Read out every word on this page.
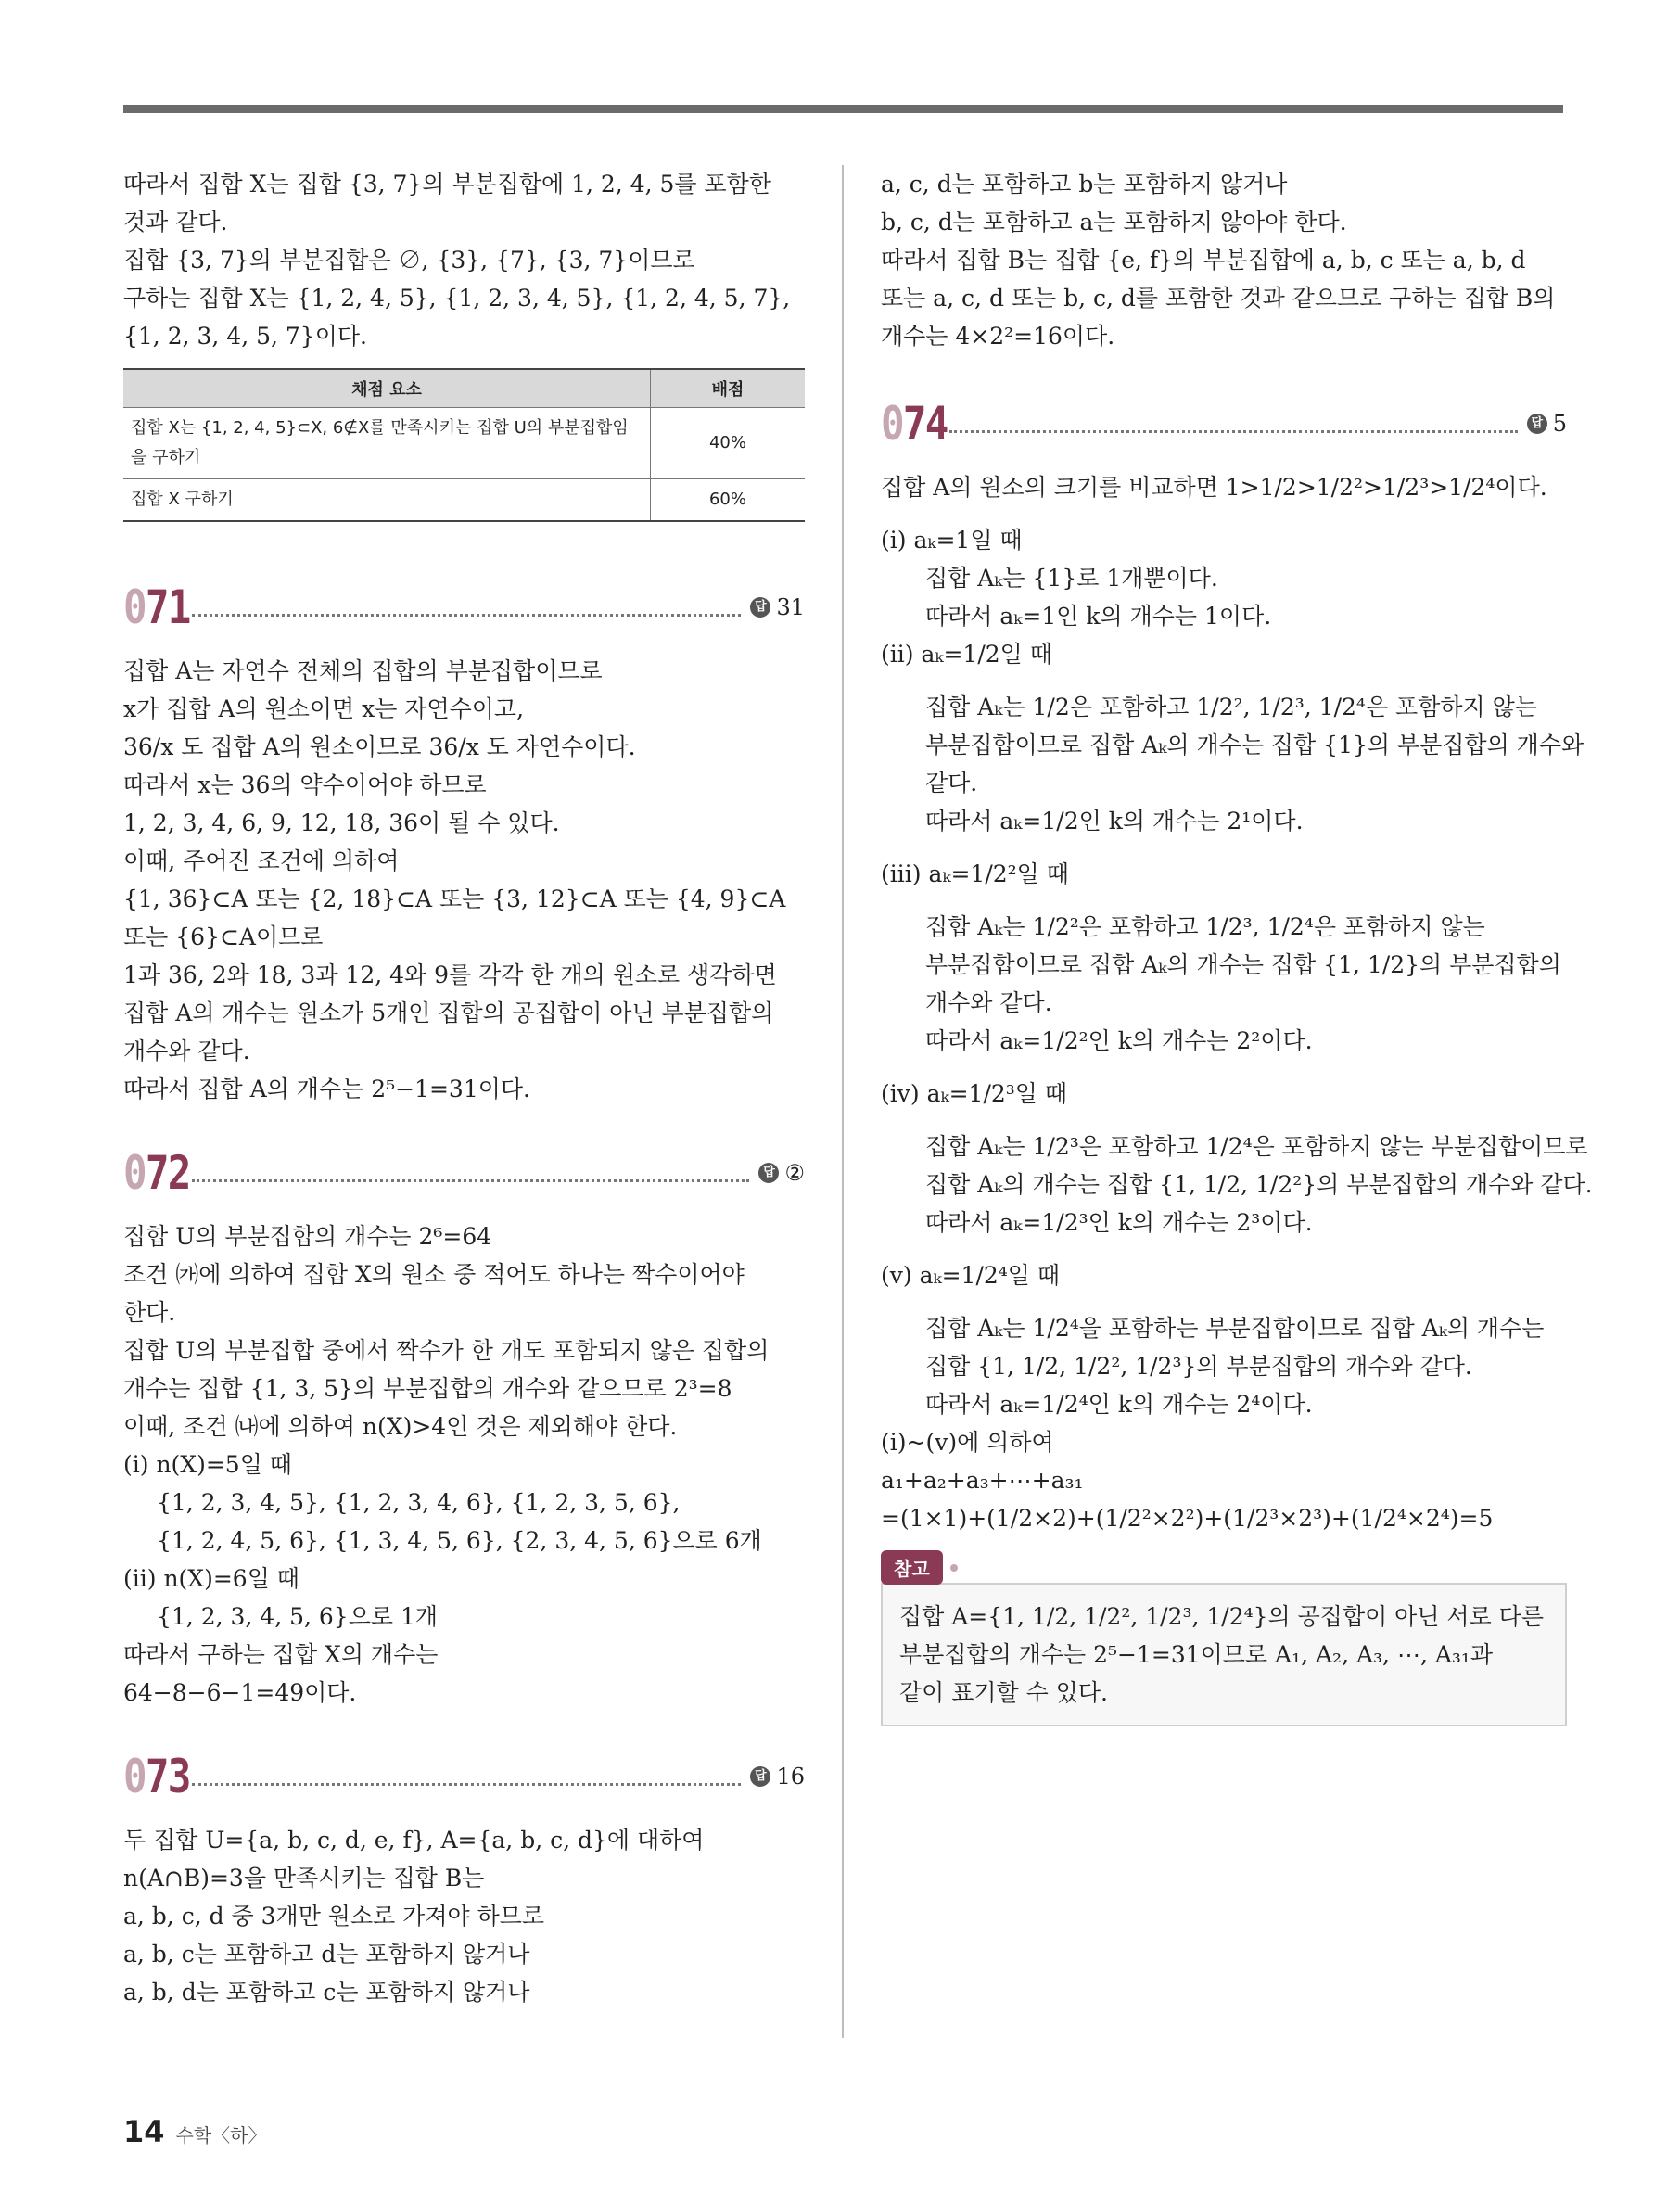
따라서 집합 X는 집합 {3, 7}의 부분집합에 1, 2, 4, 5를 포함한
것과 같다.
집합 {3, 7}의 부분집합은 ∅, {3}, {7}, {3, 7}이므로
구하는 집합 X는 {1, 2, 4, 5}, {1, 2, 3, 4, 5}, {1, 2, 4, 5, 7},
{1, 2, 3, 4, 5, 7}이다.
채점 요소	배점
집합 X는 {1, 2, 4, 5}⊂X, 6∉X를 만족시키는 집합 U의 부분집합임을 구하기	40%
집합 X 구하기	60%
071	답 31
집합 A는 자연수 전체의 집합의 부분집합이므로
x가 집합 A의 원소이면 x는 자연수이고,
36/x 도 집합 A의 원소이므로 36/x 도 자연수이다.
따라서 x는 36의 약수이어야 하므로
1, 2, 3, 4, 6, 9, 12, 18, 36이 될 수 있다.
이때, 주어진 조건에 의하여
{1, 36}⊂A 또는 {2, 18}⊂A 또는 {3, 12}⊂A 또는 {4, 9}⊂A
또는 {6}⊂A이므로
1과 36, 2와 18, 3과 12, 4와 9를 각각 한 개의 원소로 생각하면
집합 A의 개수는 원소가 5개인 집합의 공집합이 아닌 부분집합의
개수와 같다.
따라서 집합 A의 개수는 2⁵−1=31이다.
072	답 ②
집합 U의 부분집합의 개수는 2⁶=64
조건 ㈎에 의하여 집합 X의 원소 중 적어도 하나는 짝수이어야
한다.
집합 U의 부분집합 중에서 짝수가 한 개도 포함되지 않은 집합의
개수는 집합 {1, 3, 5}의 부분집합의 개수와 같으므로 2³=8
이때, 조건 ㈏에 의하여 n(X)>4인 것은 제외해야 한다.
(ⅰ) n(X)=5일 때
{1, 2, 3, 4, 5}, {1, 2, 3, 4, 6}, {1, 2, 3, 5, 6},
{1, 2, 4, 5, 6}, {1, 3, 4, 5, 6}, {2, 3, 4, 5, 6}으로 6개
(ⅱ) n(X)=6일 때
{1, 2, 3, 4, 5, 6}으로 1개
따라서 구하는 집합 X의 개수는
64−8−6−1=49이다.
073	답 16
두 집합 U={a, b, c, d, e, f}, A={a, b, c, d}에 대하여
n(A∩B)=3을 만족시키는 집합 B는
a, b, c, d 중 3개만 원소로 가져야 하므로
a, b, c는 포함하고 d는 포함하지 않거나
a, b, d는 포함하고 c는 포함하지 않거나
a, c, d는 포함하고 b는 포함하지 않거나
b, c, d는 포함하고 a는 포함하지 않아야 한다.
따라서 집합 B는 집합 {e, f}의 부분집합에 a, b, c 또는 a, b, d
또는 a, c, d 또는 b, c, d를 포함한 것과 같으므로 구하는 집합 B의
개수는 4×2²=16이다.
074	답 5
집합 A의 원소의 크기를 비교하면 1>1/2>1/2²>1/2³>1/2⁴이다.
(ⅰ) aₖ=1일 때
집합 Aₖ는 {1}로 1개뿐이다.
따라서 aₖ=1인 k의 개수는 1이다.
(ⅱ) aₖ=1/2일 때
집합 Aₖ는 1/2은 포함하고 1/2², 1/2³, 1/2⁴은 포함하지 않는
부분집합이므로 집합 Aₖ의 개수는 집합 {1}의 부분집합의 개수와
같다.
따라서 aₖ=1/2인 k의 개수는 2¹이다.
(ⅲ) aₖ=1/2²일 때
집합 Aₖ는 1/2²은 포함하고 1/2³, 1/2⁴은 포함하지 않는
부분집합이므로 집합 Aₖ의 개수는 집합 {1, 1/2}의 부분집합의
개수와 같다.
따라서 aₖ=1/2²인 k의 개수는 2²이다.
(ⅳ) aₖ=1/2³일 때
집합 Aₖ는 1/2³은 포함하고 1/2⁴은 포함하지 않는 부분집합이므로
집합 Aₖ의 개수는 집합 {1, 1/2, 1/2²}의 부분집합의 개수와 같다.
따라서 aₖ=1/2³인 k의 개수는 2³이다.
(ⅴ) aₖ=1/2⁴일 때
집합 Aₖ는 1/2⁴을 포함하는 부분집합이므로 집합 Aₖ의 개수는
집합 {1, 1/2, 1/2², 1/2³}의 부분집합의 개수와 같다.
따라서 aₖ=1/2⁴인 k의 개수는 2⁴이다.
(ⅰ)~(ⅴ)에 의하여
a₁+a₂+a₃+⋯+a₃₁
=(1×1)+(1/2×2)+(1/2²×2²)+(1/2³×2³)+(1/2⁴×2⁴)=5
참고
집합 A={1, 1/2, 1/2², 1/2³, 1/2⁴}의 공집합이 아닌 서로 다른
부분집합의 개수는 2⁵−1=31이므로 A₁, A₂, A₃, ⋯, A₃₁과
같이 표기할 수 있다.
14 수학〈하〉
